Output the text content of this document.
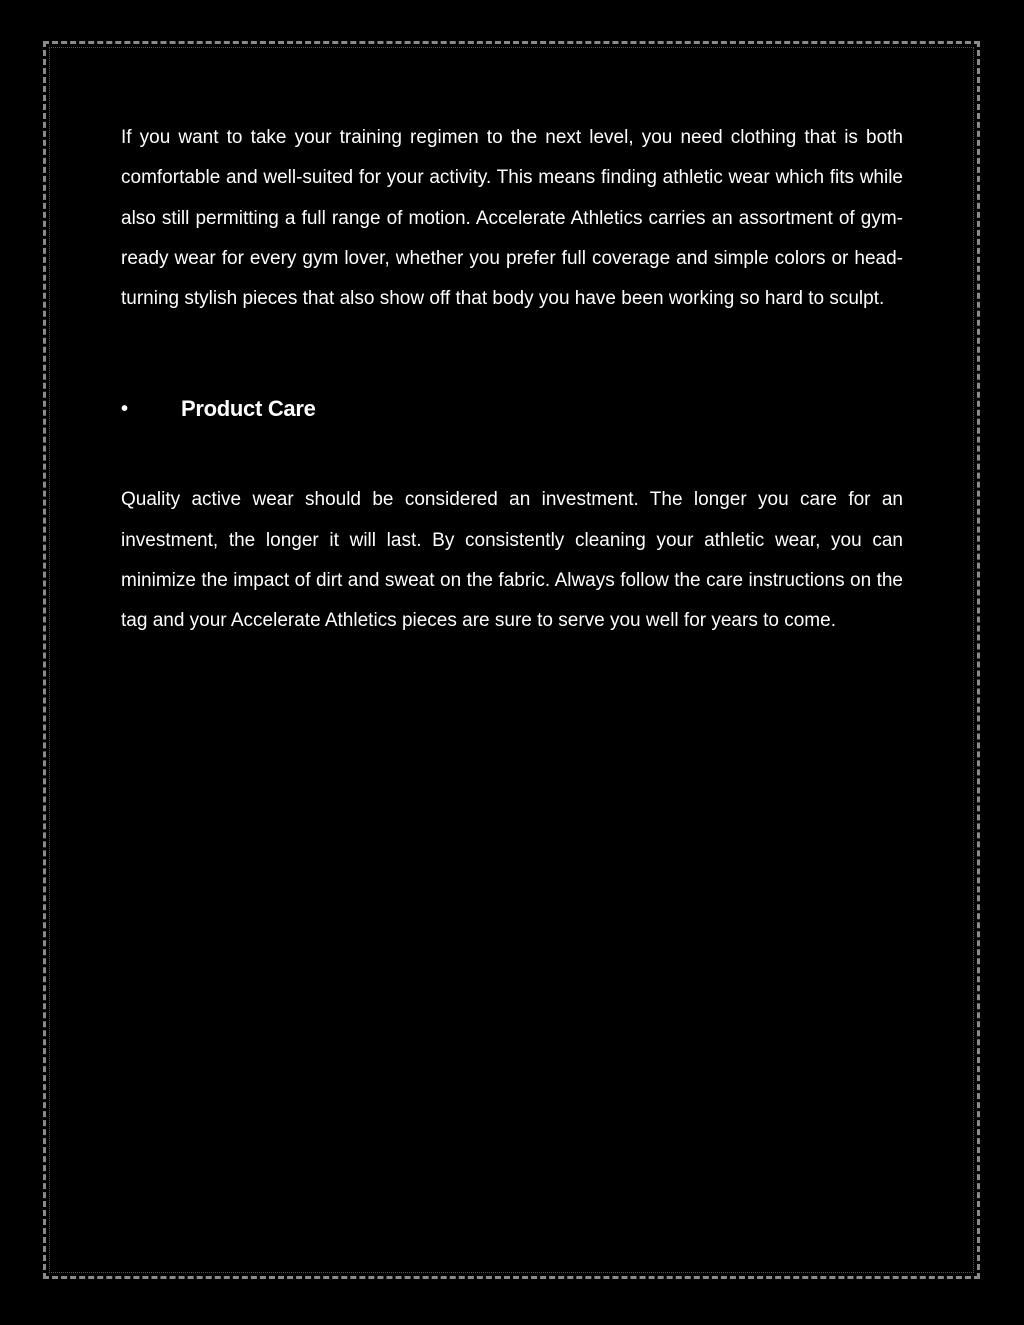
If you want to take your training regimen to the next level, you need clothing that is both comfortable and well-suited for your activity. This means finding athletic wear which fits while also still permitting a full range of motion. Accelerate Athletics carries an assortment of gym-ready wear for every gym lover, whether you prefer full coverage and simple colors or head-turning stylish pieces that also show off that body you have been working so hard to sculpt.

•	Product Care

Quality active wear should be considered an investment. The longer you care for an investment, the longer it will last. By consistently cleaning your athletic wear, you can minimize the impact of dirt and sweat on the fabric. Always follow the care instructions on the tag and your Accelerate Athletics pieces are sure to serve you well for years to come.
